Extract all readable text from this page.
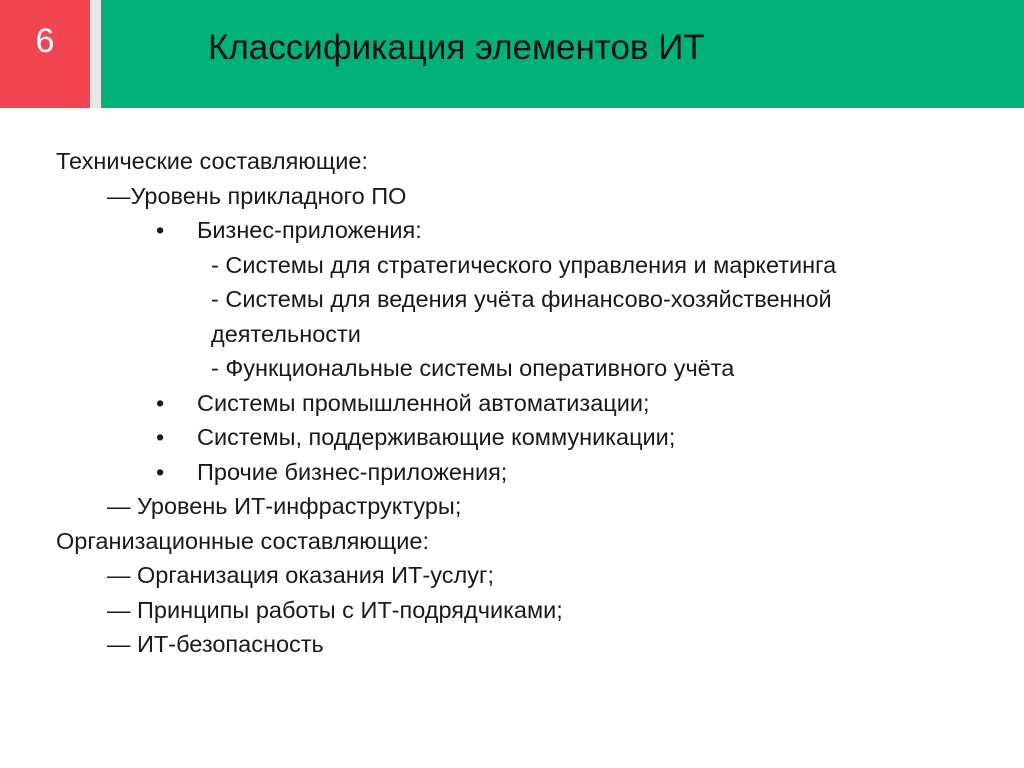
6	Классификация элементов ИТ
Технические составляющие:
—Уровень прикладного ПО
• Бизнес-приложения:
- Системы для стратегического управления и маркетинга
- Системы для ведения учёта финансово-хозяйственной
деятельности
- Функциональные системы оперативного учёта
• Системы промышленной автоматизации;
• Системы, поддерживающие коммуникации;
• Прочие бизнес-приложения;
— Уровень ИТ-инфраструктуры;
Организационные составляющие:
— Организация оказания ИТ-услуг;
— Принципы работы с ИТ-подрядчиками;
— ИТ-безопасность
